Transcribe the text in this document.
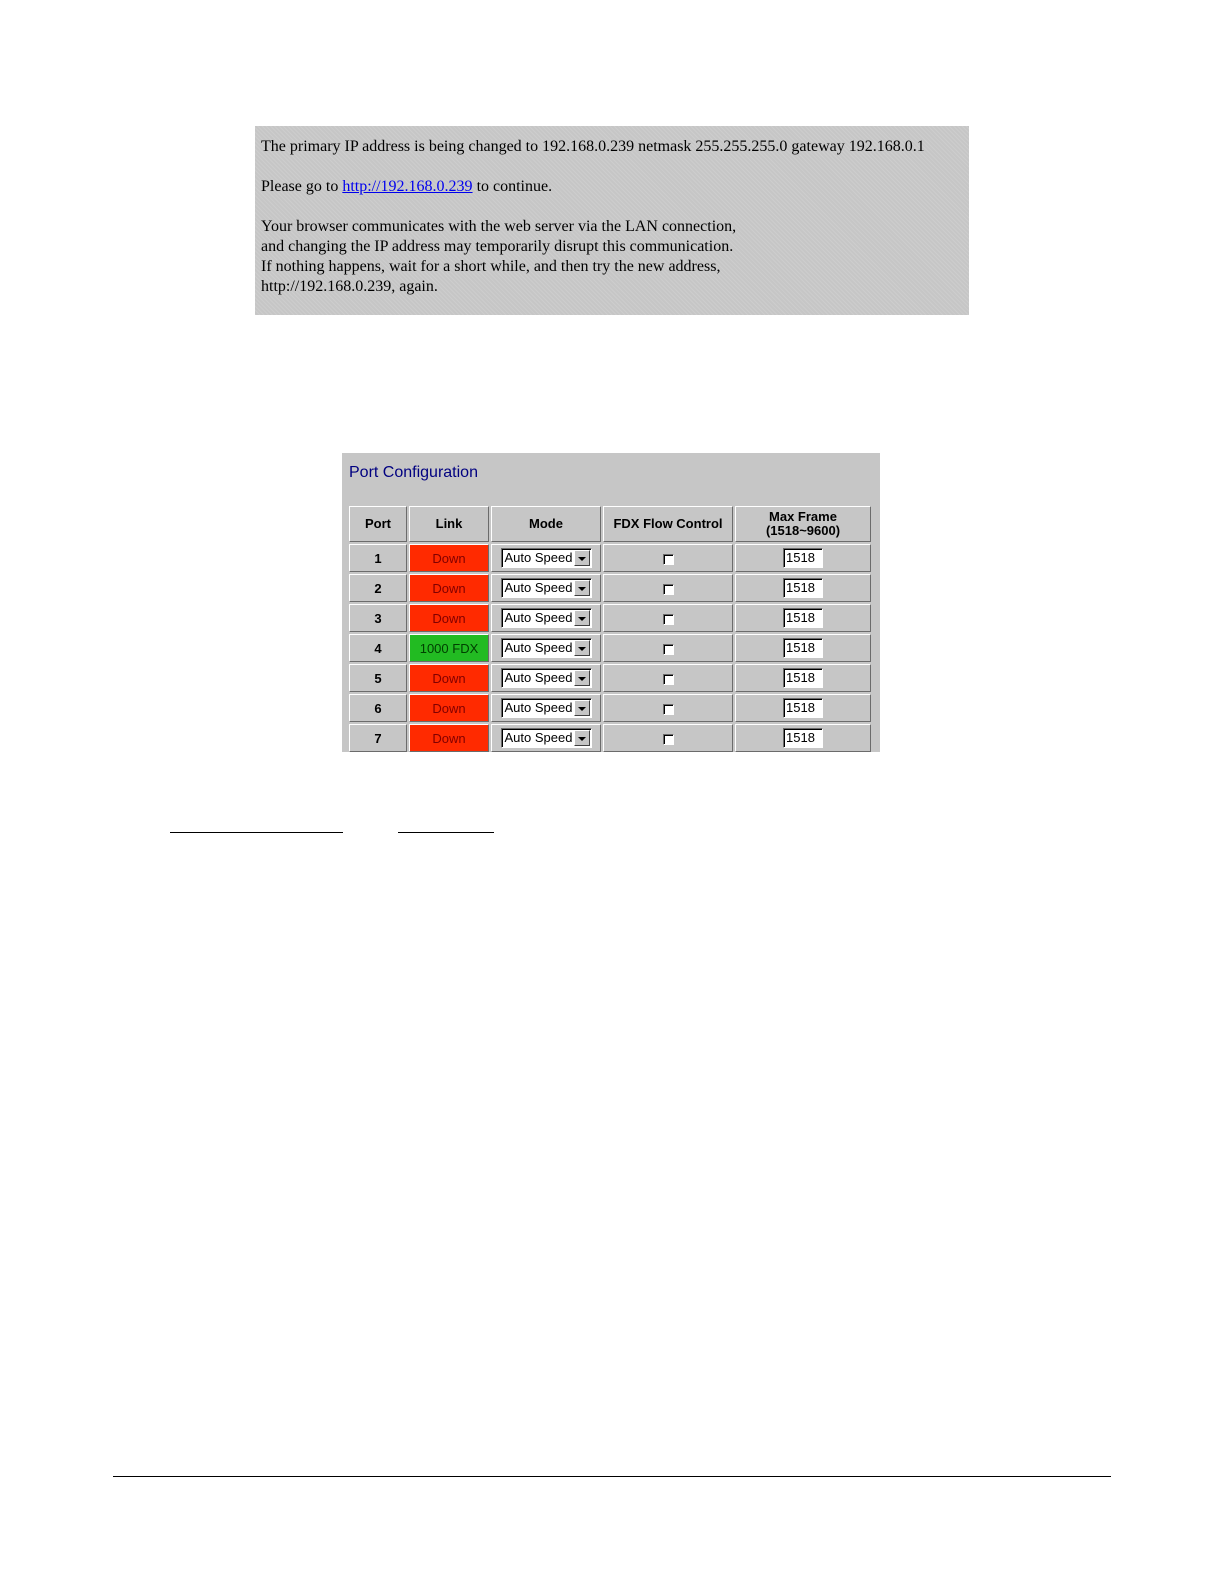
The primary IP address is being changed to 192.168.0.239 netmask 255.255.255.0 gateway 192.168.0.1

Please go to http://192.168.0.239 to continue.

Your browser communicates with the web server via the LAN connection,

and changing the IP address may temporarily disrupt this communication.

If nothing happens, wait for a short while, and then try the new address,

http://192.168.0.239, again.

Port Configuration
Port	Link	Mode	FDX Flow Control	Max Frame
(1518~9600)
1	Down	Auto Speed		1518
2	Down	Auto Speed		1518
3	Down	Auto Speed		1518
4	1000 FDX	Auto Speed		1518
5	Down	Auto Speed		1518
6	Down	Auto Speed		1518
7	Down	Auto Speed		1518
